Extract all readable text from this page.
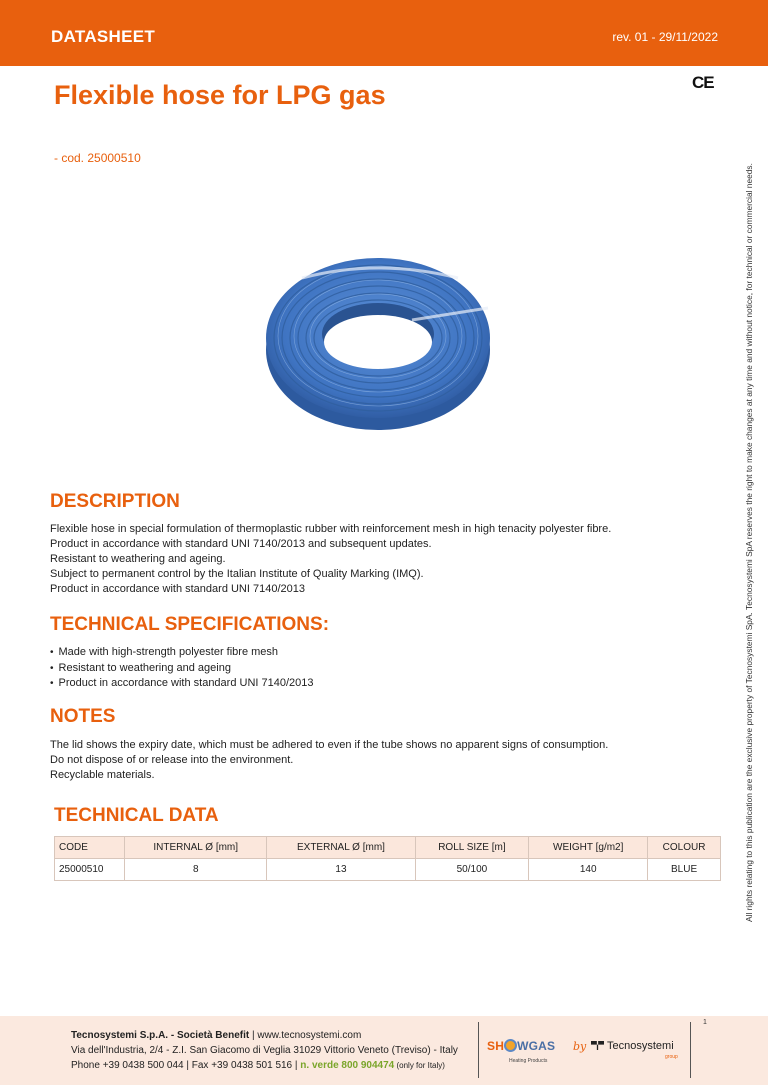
DATASHEET	rev. 01 - 29/11/2022
CE
Flexible hose for LPG gas
- cod. 25000510
All rights relating to this publication are the exclusive property of Tecnosystemi SpA. Tecnosystemi SpA reserves the right to make changes at any time and without notice, for technical or commercial needs.
DESCRIPTION
Flexible hose in special formulation of thermoplastic rubber with reinforcement mesh in high tenacity polyester fibre.
Product in accordance with standard UNI 7140/2013 and subsequent updates.
Resistant to weathering and ageing.
Subject to permanent control by the Italian Institute of Quality Marking (IMQ).
Product in accordance with standard UNI 7140/2013
TECHNICAL SPECIFICATIONS:
• Made with high-strength polyester fibre mesh
• Resistant to weathering and ageing
• Product in accordance with standard UNI 7140/2013
NOTES
The lid shows the expiry date, which must be adhered to even if the tube shows no apparent signs of consumption.
Do not dispose of or release into the environment.
Recyclable materials.
TECHNICAL DATA
CODE	INTERNAL Ø [mm]	EXTERNAL Ø [mm]	ROLL SIZE [m]	WEIGHT [g/m2]	COLOUR
25000510	8	13	50/100	140	BLUE
Tecnosystemi S.p.A. - Società Benefit | www.tecnosystemi.com
Via dell'Industria, 2/4 - Z.I. San Giacomo di Veglia 31029 Vittorio Veneto (Treviso) - Italy
Phone +39 0438 500 044 | Fax +39 0438 501 516 | n. verde 800 904474 (only for Italy)
SH WGAS
Heating Products
by	Tecnosystemi
group
1
